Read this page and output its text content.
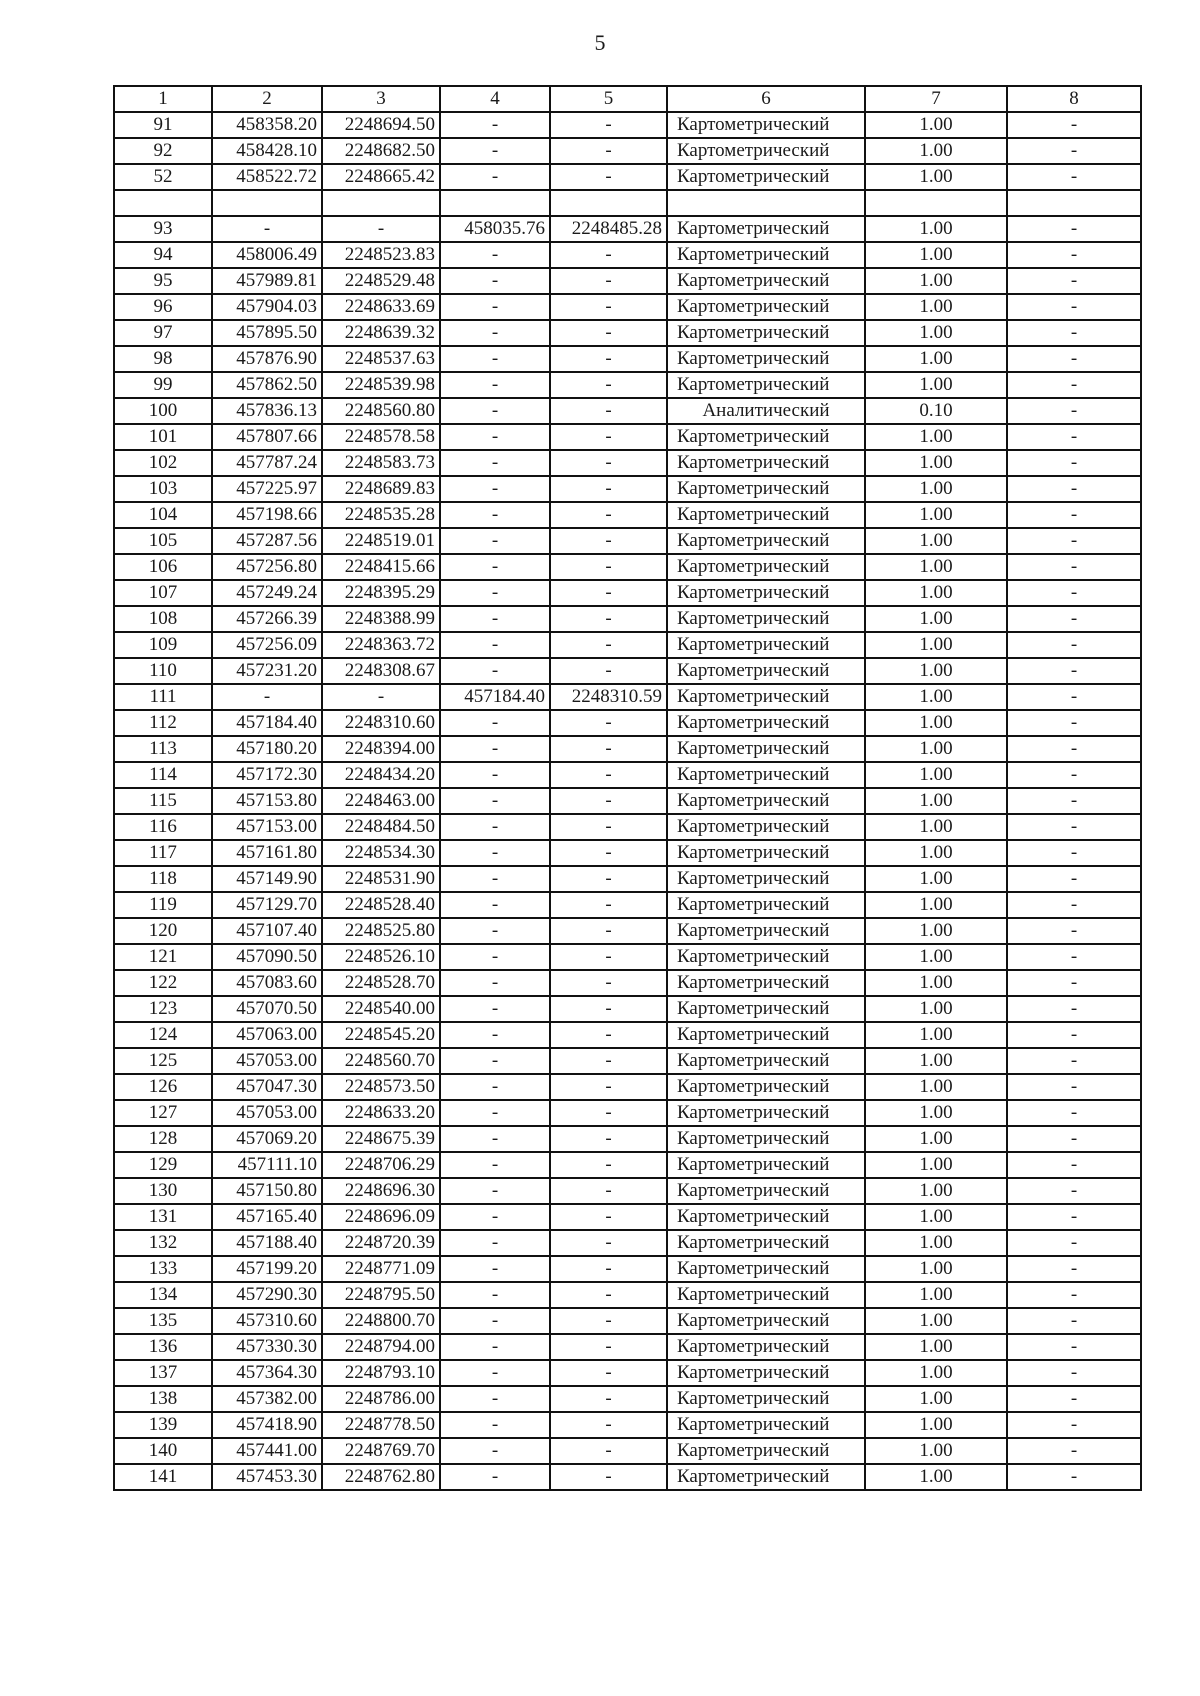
5
1	2	3	4	5	6	7	8
91	458358.20	2248694.50	-	-	Картометрический	1.00	-
92	458428.10	2248682.50	-	-	Картометрический	1.00	-
52	458522.72	2248665.42	-	-	Картометрический	1.00	-

93	-	-	458035.76	2248485.28	Картометрический	1.00	-
94	458006.49	2248523.83	-	-	Картометрический	1.00	-
95	457989.81	2248529.48	-	-	Картометрический	1.00	-
96	457904.03	2248633.69	-	-	Картометрический	1.00	-
97	457895.50	2248639.32	-	-	Картометрический	1.00	-
98	457876.90	2248537.63	-	-	Картометрический	1.00	-
99	457862.50	2248539.98	-	-	Картометрический	1.00	-
100	457836.13	2248560.80	-	-	Аналитический	0.10	-
101	457807.66	2248578.58	-	-	Картометрический	1.00	-
102	457787.24	2248583.73	-	-	Картометрический	1.00	-
103	457225.97	2248689.83	-	-	Картометрический	1.00	-
104	457198.66	2248535.28	-	-	Картометрический	1.00	-
105	457287.56	2248519.01	-	-	Картометрический	1.00	-
106	457256.80	2248415.66	-	-	Картометрический	1.00	-
107	457249.24	2248395.29	-	-	Картометрический	1.00	-
108	457266.39	2248388.99	-	-	Картометрический	1.00	-
109	457256.09	2248363.72	-	-	Картометрический	1.00	-
110	457231.20	2248308.67	-	-	Картометрический	1.00	-
111	-	-	457184.40	2248310.59	Картометрический	1.00	-
112	457184.40	2248310.60	-	-	Картометрический	1.00	-
113	457180.20	2248394.00	-	-	Картометрический	1.00	-
114	457172.30	2248434.20	-	-	Картометрический	1.00	-
115	457153.80	2248463.00	-	-	Картометрический	1.00	-
116	457153.00	2248484.50	-	-	Картометрический	1.00	-
117	457161.80	2248534.30	-	-	Картометрический	1.00	-
118	457149.90	2248531.90	-	-	Картометрический	1.00	-
119	457129.70	2248528.40	-	-	Картометрический	1.00	-
120	457107.40	2248525.80	-	-	Картометрический	1.00	-
121	457090.50	2248526.10	-	-	Картометрический	1.00	-
122	457083.60	2248528.70	-	-	Картометрический	1.00	-
123	457070.50	2248540.00	-	-	Картометрический	1.00	-
124	457063.00	2248545.20	-	-	Картометрический	1.00	-
125	457053.00	2248560.70	-	-	Картометрический	1.00	-
126	457047.30	2248573.50	-	-	Картометрический	1.00	-
127	457053.00	2248633.20	-	-	Картометрический	1.00	-
128	457069.20	2248675.39	-	-	Картометрический	1.00	-
129	457111.10	2248706.29	-	-	Картометрический	1.00	-
130	457150.80	2248696.30	-	-	Картометрический	1.00	-
131	457165.40	2248696.09	-	-	Картометрический	1.00	-
132	457188.40	2248720.39	-	-	Картометрический	1.00	-
133	457199.20	2248771.09	-	-	Картометрический	1.00	-
134	457290.30	2248795.50	-	-	Картометрический	1.00	-
135	457310.60	2248800.70	-	-	Картометрический	1.00	-
136	457330.30	2248794.00	-	-	Картометрический	1.00	-
137	457364.30	2248793.10	-	-	Картометрический	1.00	-
138	457382.00	2248786.00	-	-	Картометрический	1.00	-
139	457418.90	2248778.50	-	-	Картометрический	1.00	-
140	457441.00	2248769.70	-	-	Картометрический	1.00	-
141	457453.30	2248762.80	-	-	Картометрический	1.00	-
